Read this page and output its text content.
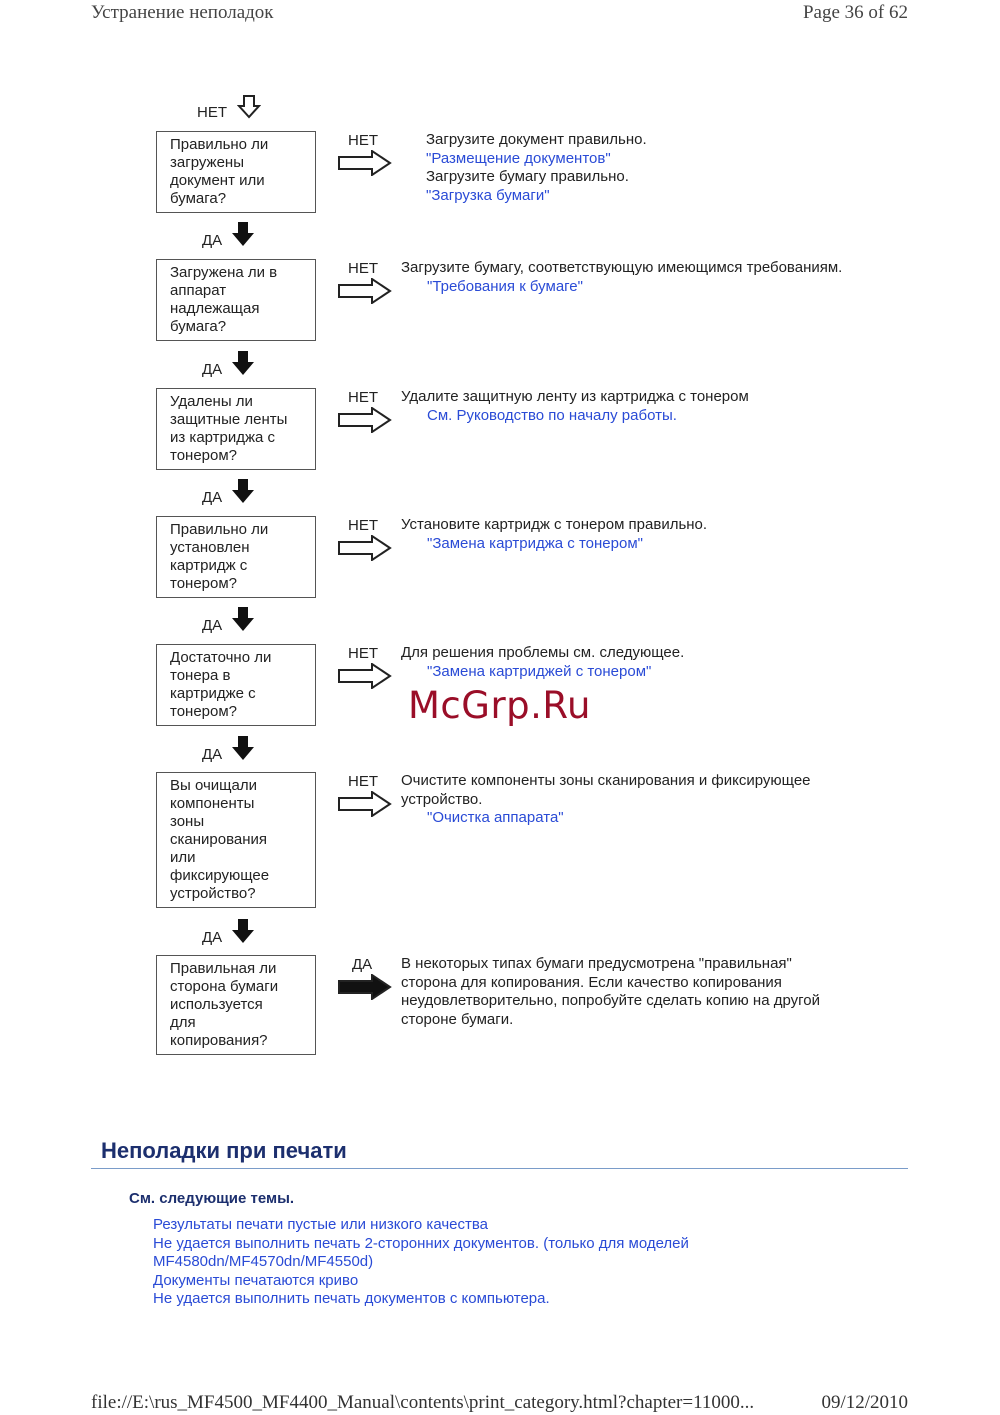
Устранение неполадок	Page 36 of 62
НЕТ
Правильно ли
загружены
документ или
бумага?
НЕТ	Загрузите документ правильно.
"Размещение документов"
Загрузите бумагу правильно.
"Загрузка бумаги"
ДА
Загружена ли в
аппарат
надлежащая
бумага?
НЕТ Загрузите бумагу, соответствующую имеющимся требованиям.
"Требования к бумаге"
ДА
Удалены ли
защитные ленты
из картриджа с
тонером?
НЕТ Удалите защитную ленту из картриджа с тонером
См. Руководство по началу работы.
ДА
Правильно ли
установлен
картридж с
тонером?
НЕТ Установите картридж с тонером правильно.
"Замена картриджа с тонером"
ДА
Достаточно ли
тонера в
картридже с
тонером?
НЕТ Для решения проблемы см. следующее.
"Замена картриджей с тонером"
ДА
Вы очищали
компоненты
зоны
сканирования
или
фиксирующее
устройство?
НЕТ Очистите компоненты зоны сканирования и фиксирующее
устройство.
"Очистка аппарата"
ДА
Правильная ли
сторона бумаги
используется
для
копирования?
ДА В некоторых типах бумаги предусмотрена "правильная"
сторона для копирования. Если качество копирования
неудовлетворительно, попробуйте сделать копию на другой
стороне бумаги.
McGrp.Ru
Неполадки при печати
См. следующие темы.
Результаты печати пустые или низкого качества
Не удается выполнить печать 2-сторонних документов. (только для моделей MF4580dn/MF4570dn/MF4550d)
Документы печатаются криво
Не удается выполнить печать документов с компьютера.
file://E:\rus_MF4500_MF4400_Manual\contents\print_category.html?chapter=11000...	09/12/2010
